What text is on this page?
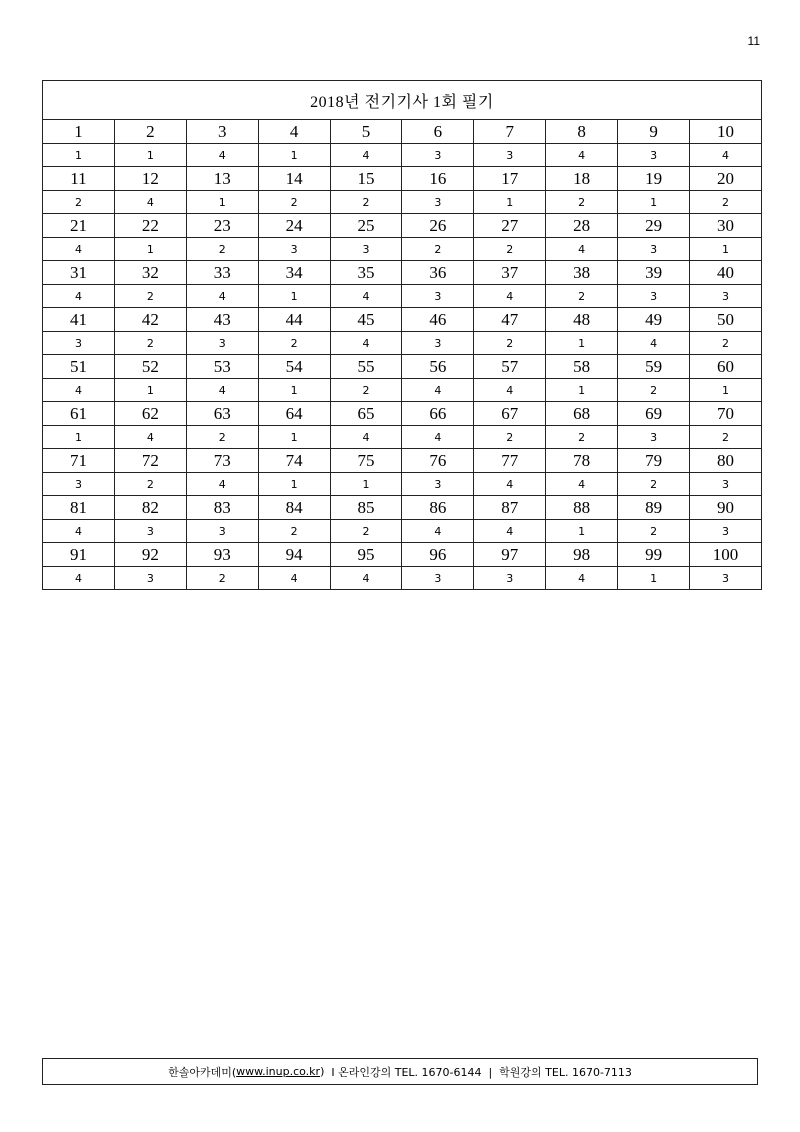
11
2018년 전기기사 1회 필기									
1	2	3	4	5	6	7	8	9	10
1	1	4	1	4	3	3	4	3	4
11	12	13	14	15	16	17	18	19	20
2	4	1	2	2	3	1	2	1	2
21	22	23	24	25	26	27	28	29	30
4	1	2	3	3	2	2	4	3	1
31	32	33	34	35	36	37	38	39	40
4	2	4	1	4	3	4	2	3	3
41	42	43	44	45	46	47	48	49	50
3	2	3	2	4	3	2	1	4	2
51	52	53	54	55	56	57	58	59	60
4	1	4	1	2	4	4	1	2	1
61	62	63	64	65	66	67	68	69	70
1	4	2	1	4	4	2	2	3	2
71	72	73	74	75	76	77	78	79	80
3	2	4	1	1	3	4	4	2	3
81	82	83	84	85	86	87	88	89	90
4	3	3	2	2	4	4	1	2	3
91	92	93	94	95	96	97	98	99	100
4	3	2	4	4	3	3	4	1	3
한솔아카데미( www.inup.co.kr ) I 온라인강의 TEL. 1670-6144  |  학원강의 TEL. 1670-7113
